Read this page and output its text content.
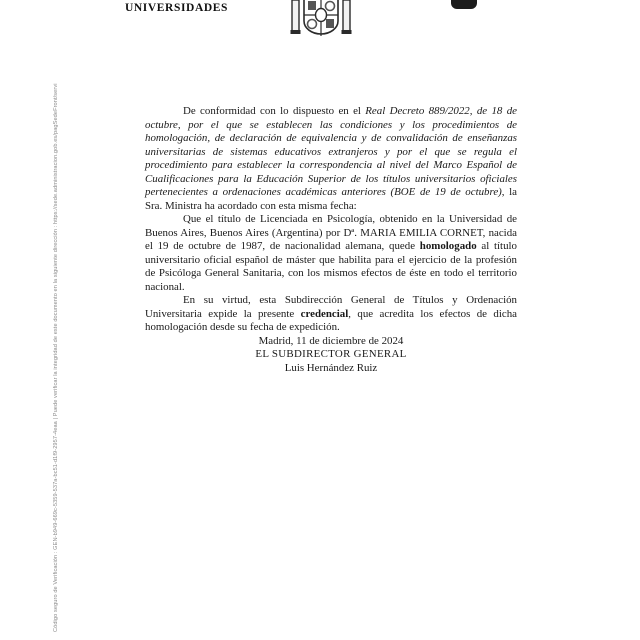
Código seguro de Verificación : GEN-b949-669c-5359-537a-bc51-d1f9-2957-4eaa | Puede verificar la integridad de este documento en la siguiente dirección : https://sede.administracion.gob.es/pagSedeFront/servi
UNIVERSIDADES

De conformidad con lo dispuesto en el Real Decreto 889/2022, de 18 de octubre, por el que se establecen las condiciones y los procedimientos de homologación, de declaración de equivalencia y de convalidación de enseñanzas universitarias de sistemas educativos extranjeros y por el que se regula el procedimiento para establecer la correspondencia al nivel del Marco Español de Cualificaciones para la Educación Superior de los títulos universitarios oficiales pertenecientes a ordenaciones académicas anteriores (BOE de 19 de octubre), la Sra. Ministra ha acordado con esta misma fecha:

Que el título de Licenciada en Psicología, obtenido en la Universidad de Buenos Aires, Buenos Aires (Argentina) por Dª. MARIA EMILIA CORNET, nacida el 19 de octubre de 1987, de nacionalidad alemana, quede homologado al título universitario oficial español de máster que habilita para el ejercicio de la profesión de Psicóloga General Sanitaria, con los mismos efectos de éste en todo el territorio nacional.

En su virtud, esta Subdirección General de Títulos y Ordenación Universitaria expide la presente credencial, que acredita los efectos de dicha homologación desde su fecha de expedición.

Madrid, 11 de diciembre de 2024

EL SUBDIRECTOR GENERAL

Luis Hernández Ruiz
